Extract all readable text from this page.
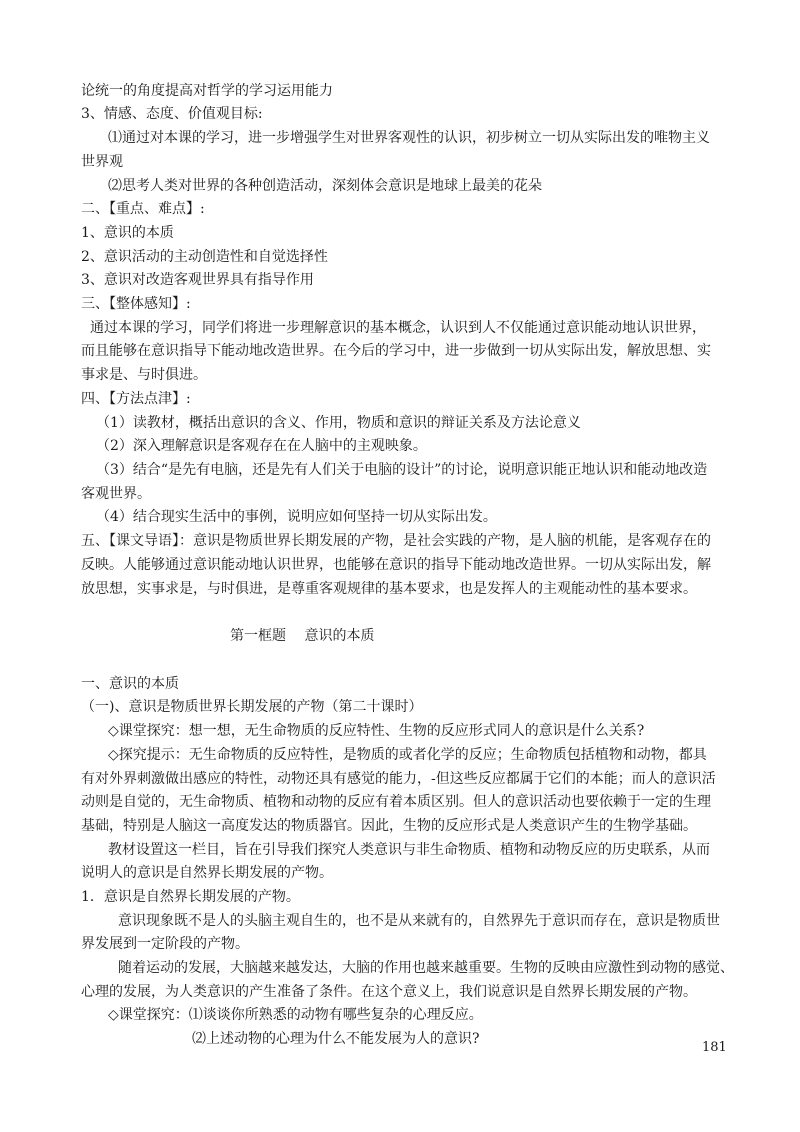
论统一的角度提高对哲学的学习运用能力
3、情感、态度、价值观目标:
⑴通过对本课的学习，进一步增强学生对世界客观性的认识，初步树立一切从实际出发的唯物主义
世界观
⑵思考人类对世界的各种创造活动，深刻体会意识是地球上最美的花朵
二、【重点、难点】:
1、意识的本质
2、意识活动的主动创造性和自觉选择性
3、意识对改造客观世界具有指导作用
三、【整体感知】:
通过本课的学习，同学们将进一步理解意识的基本概念，认识到人不仅能通过意识能动地认识世界，
而且能够在意识指导下能动地改造世界。在今后的学习中，进一步做到一切从实际出发，解放思想、实
事求是、与时俱进。
四、【方法点津】:
（1）读教材，概括出意识的含义、作用，物质和意识的辩证关系及方法论意义
（2）深入理解意识是客观存在在人脑中的主观映象。
（3）结合“是先有电脑，还是先有人们关于电脑的设计”的讨论，说明意识能正地认识和能动地改造
客观世界。
（4）结合现实生活中的事例，说明应如何坚持一切从实际出发。
五、【课文导语】：意识是物质世界长期发展的产物，是社会实践的产物，是人脑的机能，是客观存在的
反映。人能够通过意识能动地认识世界，也能够在意识的指导下能动地改造世界。一切从实际出发，解
放思想，实事求是，与时俱进，是尊重客观规律的基本要求，也是发挥人的主观能动性的基本要求。
第一框题　 意识的本质
一、意识的本质
（一)、意识是物质世界长期发展的产物（第二十课时）
◇课堂探究：想一想，无生命物质的反应特性、生物的反应形式同人的意识是什么关系?
◇探究提示：无生命物质的反应特性，是物质的或者化学的反应；生命物质包括植物和动物，都具
有对外界刺激做出感应的特性，动物还具有感觉的能力，-但这些反应都属于它们的本能；而人的意识活
动则是自觉的，无生命物质、植物和动物的反应有着本质区别。但人的意识活动也要依赖于一定的生理
基础，特别是人脑这一高度发达的物质器官。因此，生物的反应形式是人类意识产生的生物学基础。
教材设置这一栏目，旨在引导我们探究人类意识与非生命物质、植物和动物反应的历史联系，从而
说明人的意识是自然界长期发展的产物。
1．意识是自然界长期发展的产物。
意识现象既不是人的头脑主观自生的，也不是从来就有的，自然界先于意识而存在，意识是物质世
界发展到一定阶段的产物。
随着运动的发展，大脑越来越发达，大脑的作用也越来越重要。生物的反映由应激性到动物的感觉、
心理的发展，为人类意识的产生准备了条件。在这个意义上，我们说意识是自然界长期发展的产物。
◇课堂探究：⑴谈谈你所熟悉的动物有哪些复杂的心理反应。
⑵上述动物的心理为什么不能发展为人的意识?
181
